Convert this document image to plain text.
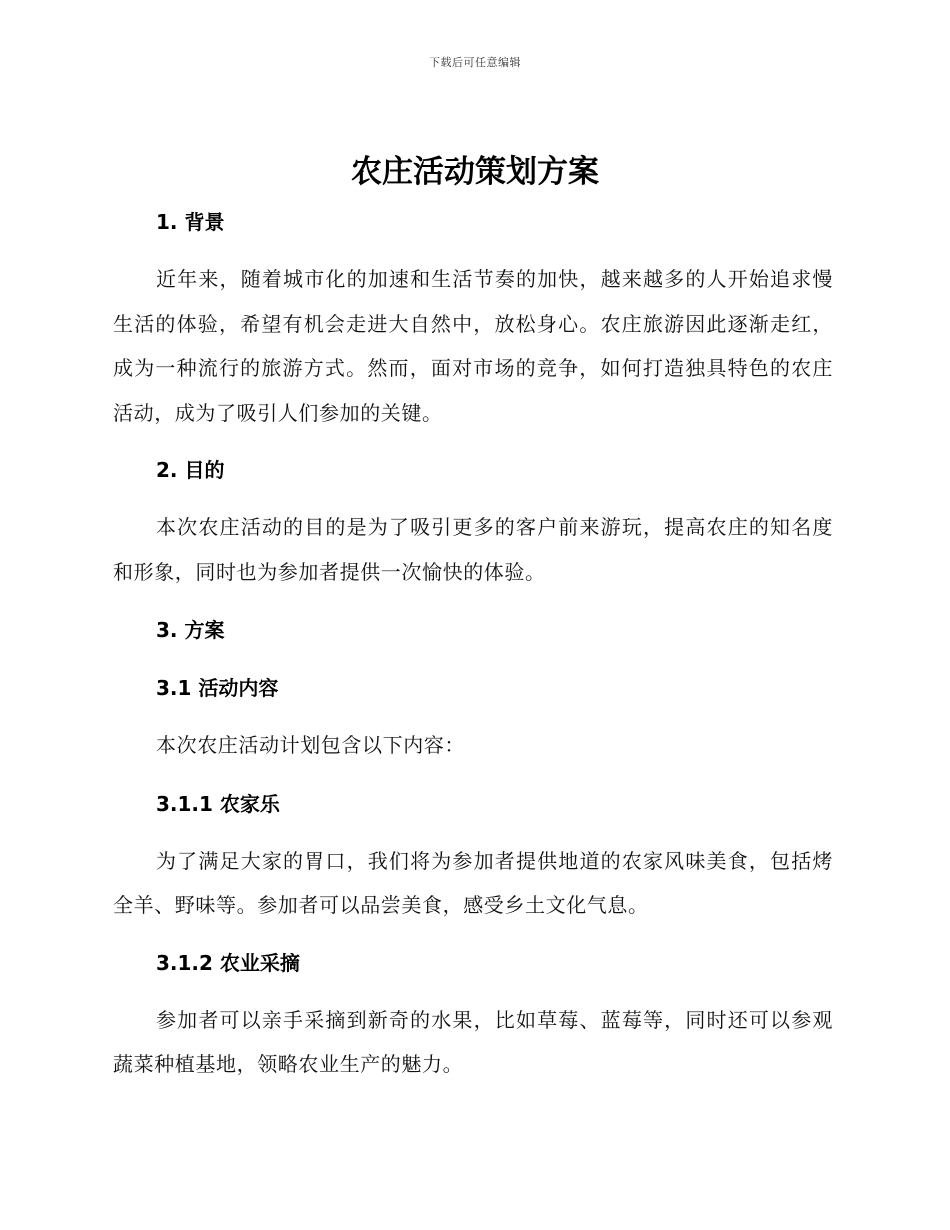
下载后可任意编辑
农庄活动策划方案

1. 背景

近年来，随着城市化的加速和生活节奏的加快，越来越多的人开始追求慢生活的体验，希望有机会走进大自然中，放松身心。农庄旅游因此逐渐走红，成为一种流行的旅游方式。然而，面对市场的竞争，如何打造独具特色的农庄活动，成为了吸引人们参加的关键。

2. 目的

本次农庄活动的目的是为了吸引更多的客户前来游玩，提高农庄的知名度和形象，同时也为参加者提供一次愉快的体验。

3. 方案

3.1 活动内容

本次农庄活动计划包含以下内容：

3.1.1 农家乐

为了满足大家的胃口，我们将为参加者提供地道的农家风味美食，包括烤全羊、野味等。参加者可以品尝美食，感受乡土文化气息。

3.1.2 农业采摘

参加者可以亲手采摘到新奇的水果，比如草莓、蓝莓等，同时还可以参观蔬菜种植基地，领略农业生产的魅力。
